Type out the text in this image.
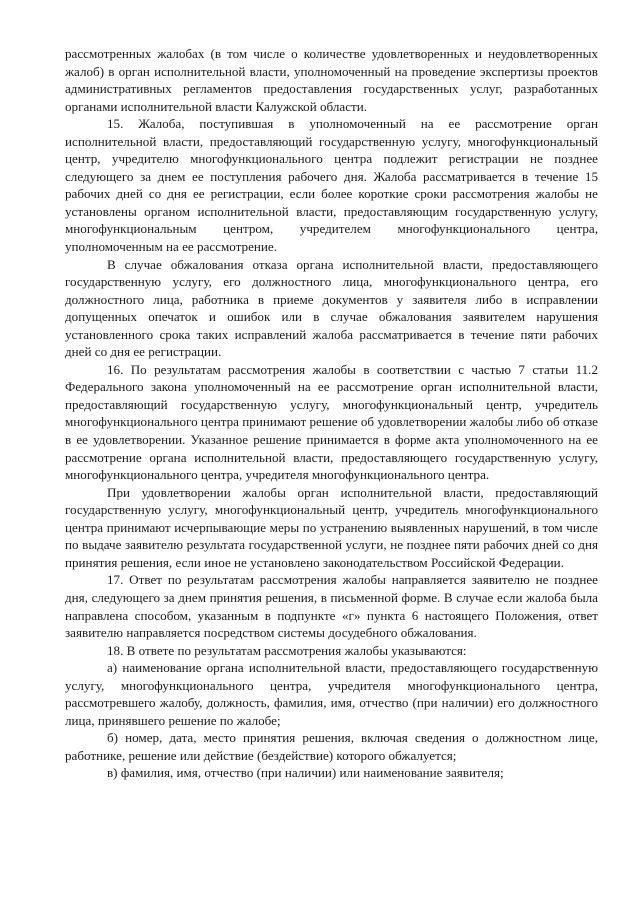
рассмотренных жалобах (в том числе о количестве удовлетворенных и неудовлетворенных жалоб) в орган исполнительной власти, уполномоченный на проведение экспертизы проектов административных регламентов предоставления государственных услуг, разработанных органами исполнительной власти Калужской области.

15. Жалоба, поступившая в уполномоченный на ее рассмотрение орган исполнительной власти, предоставляющий государственную услугу, многофункциональный центр, учредителю многофункционального центра подлежит регистрации не позднее следующего за днем ее поступления рабочего дня. Жалоба рассматривается в течение 15 рабочих дней со дня ее регистрации, если более короткие сроки рассмотрения жалобы не установлены органом исполнительной власти, предоставляющим государственную услугу, многофункциональным центром, учредителем многофункционального центра, уполномоченным на ее рассмотрение.

В случае обжалования отказа органа исполнительной власти, предоставляющего государственную услугу, его должностного лица, многофункционального центра, его должностного лица, работника в приеме документов у заявителя либо в исправлении допущенных опечаток и ошибок или в случае обжалования заявителем нарушения установленного срока таких исправлений жалоба рассматривается в течение пяти рабочих дней со дня ее регистрации.

16. По результатам рассмотрения жалобы в соответствии с частью 7 статьи 11.2 Федерального закона уполномоченный на ее рассмотрение орган исполнительной власти, предоставляющий государственную услугу, многофункциональный центр, учредитель многофункционального центра принимают решение об удовлетворении жалобы либо об отказе в ее удовлетворении. Указанное решение принимается в форме акта уполномоченного на ее рассмотрение органа исполнительной власти, предоставляющего государственную услугу, многофункционального центра, учредителя многофункционального центра.

При удовлетворении жалобы орган исполнительной власти, предоставляющий государственную услугу, многофункциональный центр, учредитель многофункционального центра принимают исчерпывающие меры по устранению выявленных нарушений, в том числе по выдаче заявителю результата государственной услуги, не позднее пяти рабочих дней со дня принятия решения, если иное не установлено законодательством Российской Федерации.

17. Ответ по результатам рассмотрения жалобы направляется заявителю не позднее дня, следующего за днем принятия решения, в письменной форме. В случае если жалоба была направлена способом, указанным в подпункте «г» пункта 6 настоящего Положения, ответ заявителю направляется посредством системы досудебного обжалования.

18. В ответе по результатам рассмотрения жалобы указываются:

а) наименование органа исполнительной власти, предоставляющего государственную услугу, многофункционального центра, учредителя многофункционального центра, рассмотревшего жалобу, должность, фамилия, имя, отчество (при наличии) его должностного лица, принявшего решение по жалобе;

б) номер, дата, место принятия решения, включая сведения о должностном лице, работнике, решение или действие (бездействие) которого обжалуется;

в) фамилия, имя, отчество (при наличии) или наименование заявителя;
